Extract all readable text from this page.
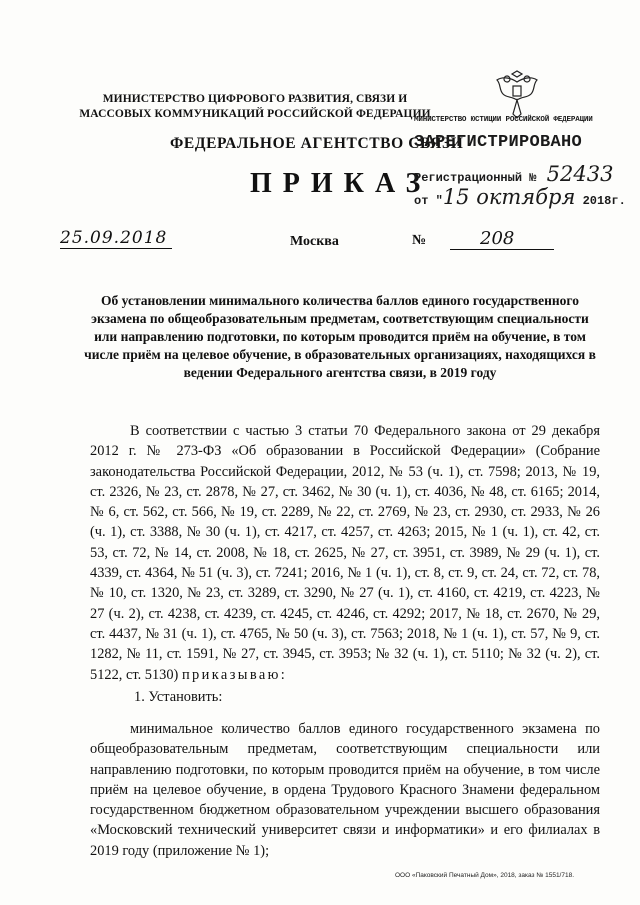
МИНИСТЕРСТВО ЦИФРОВОГО РАЗВИТИЯ, СВЯЗИ И МАССОВЫХ КОММУНИКАЦИЙ РОССИЙСКОЙ ФЕДЕРАЦИИ
ФЕДЕРАЛЬНОЕ АГЕНТСТВО СВЯЗИ
ПРИКАЗ
МИНИСТЕРСТВО ЮСТИЦИИ РОССИЙСКОЙ ФЕДЕРАЦИИ
ЗАРЕГИСТРИРОВАНО
Регистрационный № 52433
от "15 октября 2018г.
25.09.2018	Москва	№	208

Об установлении минимального количества баллов единого государственного экзамена по общеобразовательным предметам, соответствующим специальности или направлению подготовки, по которым проводится приём на обучение, в том числе приём на целевое обучение, в образовательных организациях, находящихся в ведении Федерального агентства связи, в 2019 году

В соответствии с частью 3 статьи 70 Федерального закона от 29 декабря 2012 г. № 273-ФЗ «Об образовании в Российской Федерации» (Собрание законодательства Российской Федерации, 2012, № 53 (ч. 1), ст. 7598; 2013, № 19, ст. 2326, № 23, ст. 2878, № 27, ст. 3462, № 30 (ч. 1), ст. 4036, № 48, ст. 6165; 2014, № 6, ст. 562, ст. 566, № 19, ст. 2289, № 22, ст. 2769, № 23, ст. 2930, ст. 2933, № 26 (ч. 1), ст. 3388, № 30 (ч. 1), ст. 4217, ст. 4257, ст. 4263; 2015, № 1 (ч. 1), ст. 42, ст. 53, ст. 72, № 14, ст. 2008, № 18, ст. 2625, № 27, ст. 3951, ст. 3989, № 29 (ч. 1), ст. 4339, ст. 4364, № 51 (ч. 3), ст. 7241; 2016, № 1 (ч. 1), ст. 8, ст. 9, ст. 24, ст. 72, ст. 78, № 10, ст. 1320, № 23, ст. 3289, ст. 3290, № 27 (ч. 1), ст. 4160, ст. 4219, ст. 4223, № 27 (ч. 2), ст. 4238, ст. 4239, ст. 4245, ст. 4246, ст. 4292; 2017, № 18, ст. 2670, № 29, ст. 4437, № 31 (ч. 1), ст. 4765, № 50 (ч. 3), ст. 7563; 2018, № 1 (ч. 1), ст. 57, № 9, ст. 1282, № 11, ст. 1591, № 27, ст. 3945, ст. 3953; № 32 (ч. 1), ст. 5110; № 32 (ч. 2), ст. 5122, ст. 5130) приказываю:

1. Установить:

минимальное количество баллов единого государственного экзамена по общеобразовательным предметам, соответствующим специальности или направлению подготовки, по которым проводится приём на обучение, в том числе приём на целевое обучение, в ордена Трудового Красного Знамени федеральном государственном бюджетном образовательном учреждении высшего образования «Московский технический университет связи и информатики» и его филиалах в 2019 году (приложение № 1);

ООО «Паковский Печатный Дом», 2018, заказ № 1551/718.
